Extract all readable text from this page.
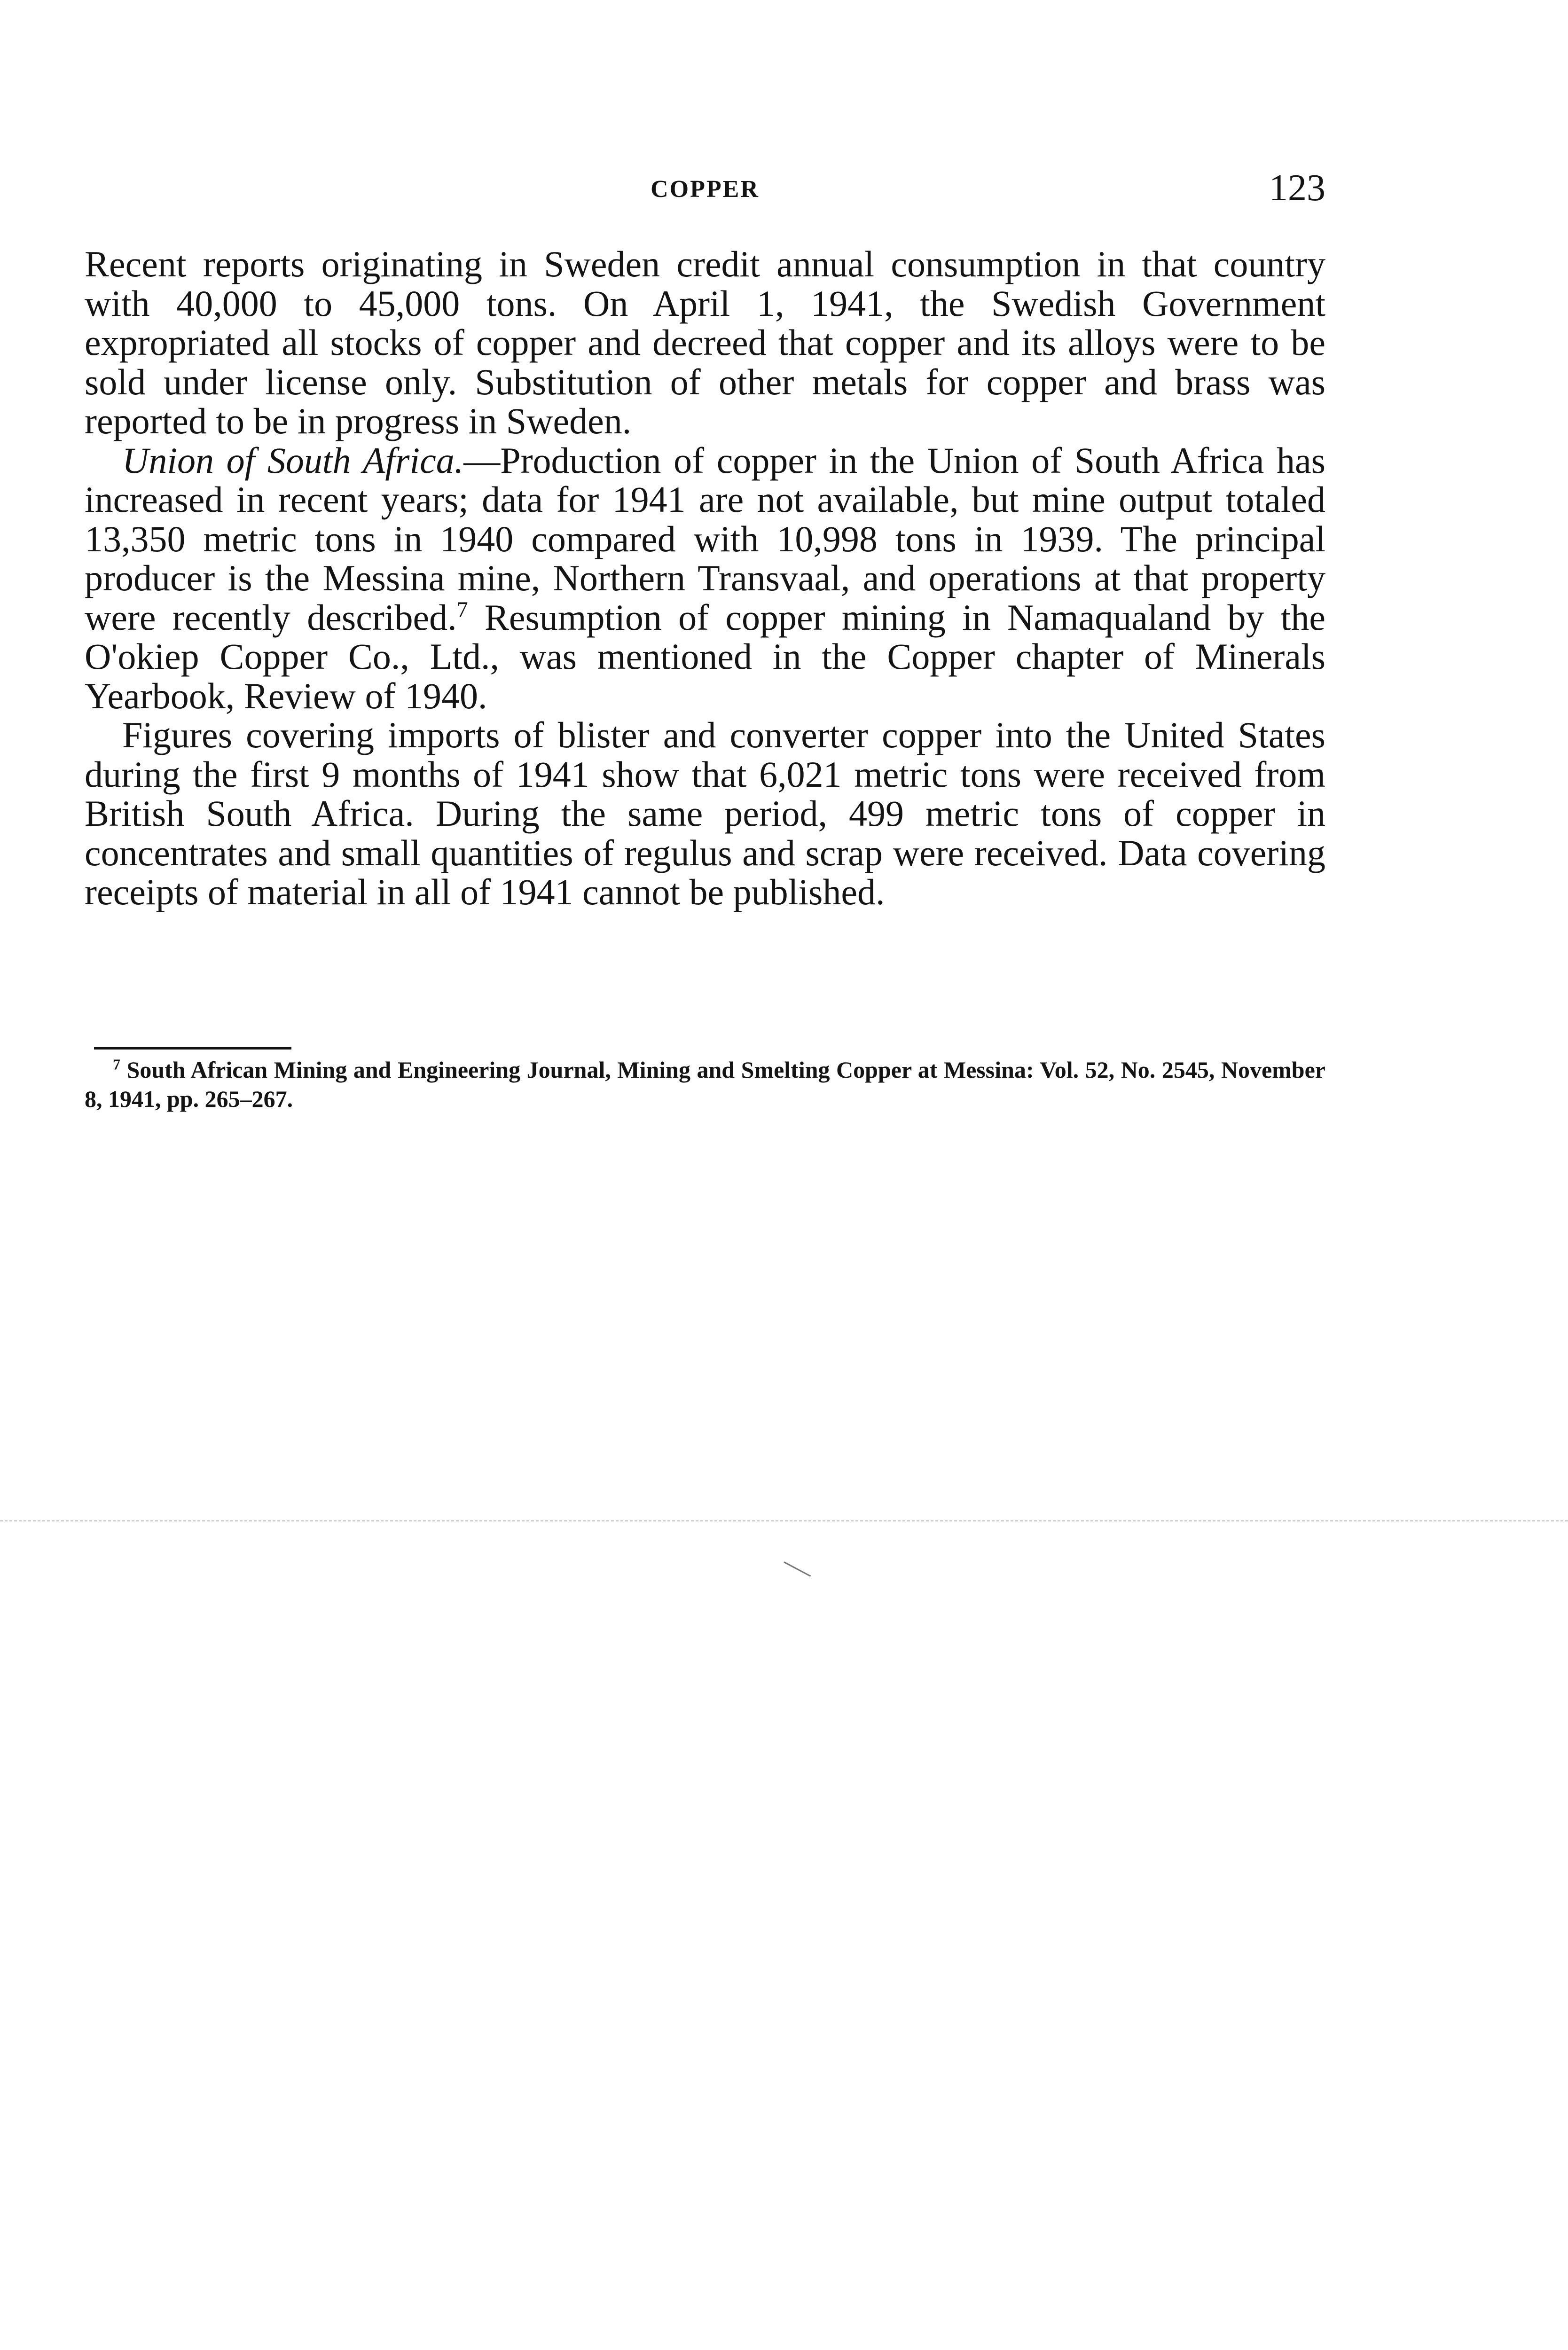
COPPER	123

Recent reports originating in Sweden credit annual consumption in that country with 40,000 to 45,000 tons. On April 1, 1941, the Swedish Government expropriated all stocks of copper and decreed that copper and its alloys were to be sold under license only. Substitution of other metals for copper and brass was reported to be in progress in Sweden.

Union of South Africa.—Production of copper in the Union of South Africa has increased in recent years; data for 1941 are not available, but mine output totaled 13,350 metric tons in 1940 compared with 10,998 tons in 1939. The principal producer is the Messina mine, Northern Transvaal, and operations at that property were recently described.$^7$ Resumption of copper mining in Namaqualand by the O'okiep Copper Co., Ltd., was mentioned in the Copper chapter of Minerals Yearbook, Review of 1940.

Figures covering imports of blister and converter copper into the United States during the first 9 months of 1941 show that 6,021 metric tons were received from British South Africa. During the same period, 499 metric tons of copper in concentrates and small quantities of regulus and scrap were received. Data covering receipts of material in all of 1941 cannot be published.

$^7$ South African Mining and Engineering Journal, Mining and Smelting Copper at Messina: Vol. 52, No. 2545, November 8, 1941, pp. 265–267.
